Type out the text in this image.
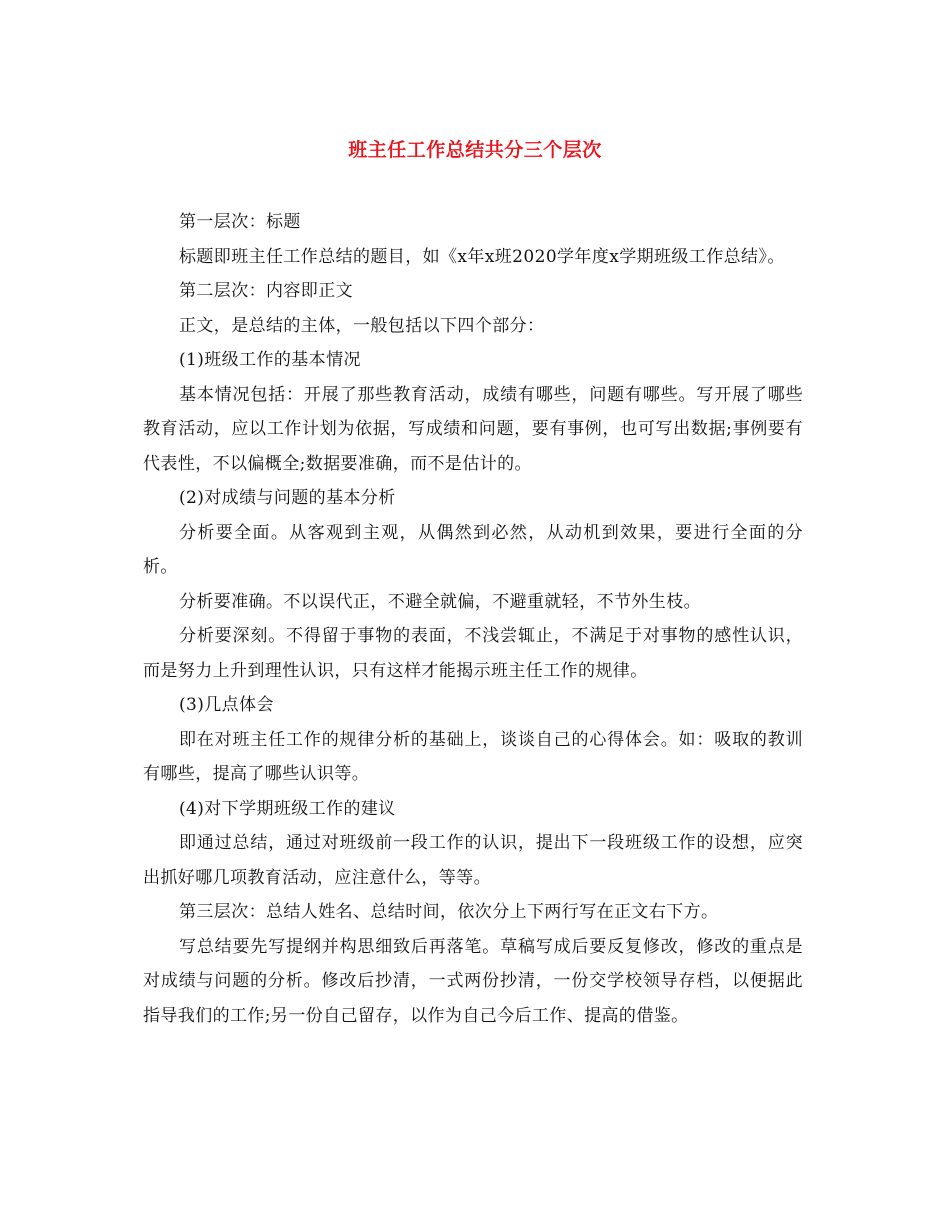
班主任工作总结共分三个层次

第一层次：标题

标题即班主任工作总结的题目，如《x年x班2020学年度x学期班级工作总结》。

第二层次：内容即正文

正文，是总结的主体，一般包括以下四个部分：

(1)班级工作的基本情况

基本情况包括：开展了那些教育活动，成绩有哪些，问题有哪些。写开展了哪些教育活动，应以工作计划为依据，写成绩和问题，要有事例，也可写出数据;事例要有代表性，不以偏概全;数据要准确，而不是估计的。

(2)对成绩与问题的基本分析

分析要全面。从客观到主观，从偶然到必然，从动机到效果，要进行全面的分析。

分析要准确。不以误代正，不避全就偏，不避重就轻，不节外生枝。

分析要深刻。不得留于事物的表面，不浅尝辄止，不满足于对事物的感性认识，而是努力上升到理性认识，只有这样才能揭示班主任工作的规律。

(3)几点体会

即在对班主任工作的规律分析的基础上，谈谈自己的心得体会。如：吸取的教训有哪些，提高了哪些认识等。

(4)对下学期班级工作的建议

即通过总结，通过对班级前一段工作的认识，提出下一段班级工作的设想，应突出抓好哪几项教育活动，应注意什么，等等。

第三层次：总结人姓名、总结时间，依次分上下两行写在正文右下方。

写总结要先写提纲并构思细致后再落笔。草稿写成后要反复修改，修改的重点是对成绩与问题的分析。修改后抄清，一式两份抄清，一份交学校领导存档，以便据此指导我们的工作;另一份自己留存，以作为自己今后工作、提高的借鉴。
